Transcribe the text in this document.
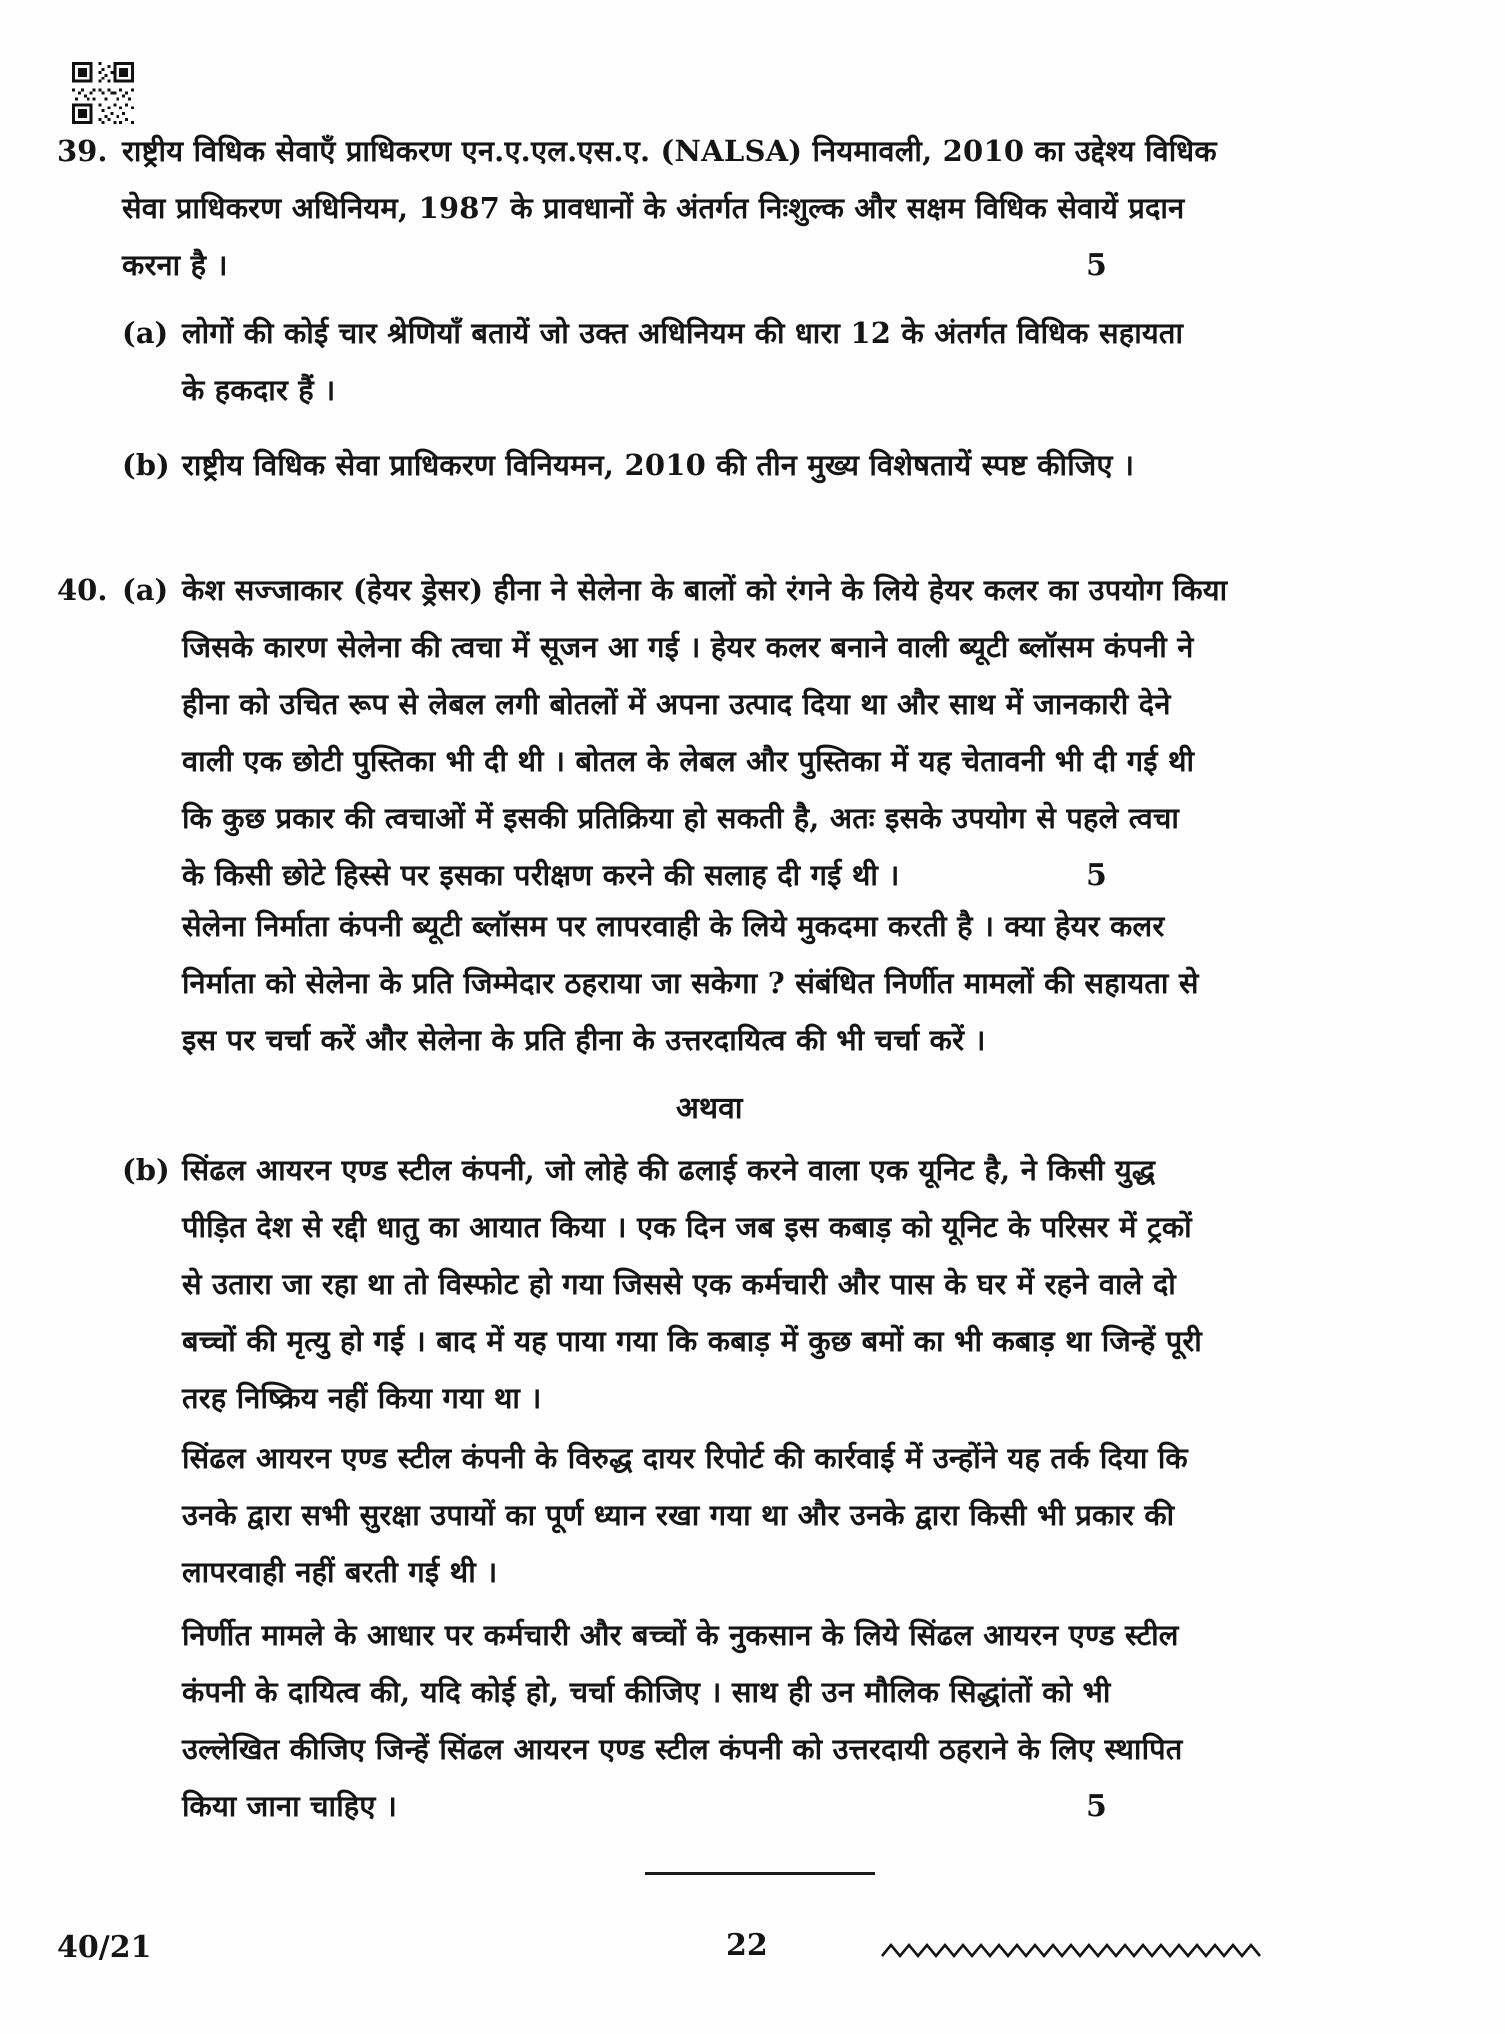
39. राष्ट्रीय विधिक सेवाएँ प्राधिकरण एन.ए.एल.एस.ए. (NALSA) नियमावली, 2010 का उद्देश्य विधिक
सेवा प्राधिकरण अधिनियम, 1987 के प्रावधानों के अंतर्गत निःशुल्क और सक्षम विधिक सेवायें प्रदान
करना है ।	5
(a) लोगों की कोई चार श्रेणियाँ बतायें जो उक्त अधिनियम की धारा 12 के अंतर्गत विधिक सहायता
के हकदार हैं ।
(b) राष्ट्रीय विधिक सेवा प्राधिकरण विनियमन, 2010 की तीन मुख्य विशेषतायें स्पष्ट कीजिए ।
40. (a) केश सज्जाकार (हेयर ड्रेसर) हीना ने सेलेना के बालों को रंगने के लिये हेयर कलर का उपयोग किया
जिसके कारण सेलेना की त्वचा में सूजन आ गई । हेयर कलर बनाने वाली ब्यूटी ब्लॉसम कंपनी ने
हीना को उचित रूप से लेबल लगी बोतलों में अपना उत्पाद दिया था और साथ में जानकारी देने
वाली एक छोटी पुस्तिका भी दी थी । बोतल के लेबल और पुस्तिका में यह चेतावनी भी दी गई थी
कि कुछ प्रकार की त्वचाओं में इसकी प्रतिक्रिया हो सकती है, अतः इसके उपयोग से पहले त्वचा
के किसी छोटे हिस्से पर इसका परीक्षण करने की सलाह दी गई थी ।	5
सेलेना निर्माता कंपनी ब्यूटी ब्लॉसम पर लापरवाही के लिये मुकदमा करती है । क्या हेयर कलर
निर्माता को सेलेना के प्रति जिम्मेदार ठहराया जा सकेगा ? संबंधित निर्णीत मामलों की सहायता से
इस पर चर्चा करें और सेलेना के प्रति हीना के उत्तरदायित्व की भी चर्चा करें ।
अथवा
(b) सिंढल आयरन एण्ड स्टील कंपनी, जो लोहे की ढलाई करने वाला एक यूनिट है, ने किसी युद्ध
पीड़ित देश से रद्दी धातु का आयात किया । एक दिन जब इस कबाड़ को यूनिट के परिसर में ट्रकों
से उतारा जा रहा था तो विस्फोट हो गया जिससे एक कर्मचारी और पास के घर में रहने वाले दो
बच्चों की मृत्यु हो गई । बाद में यह पाया गया कि कबाड़ में कुछ बमों का भी कबाड़ था जिन्हें पूरी
तरह निष्क्रिय नहीं किया गया था ।
सिंढल आयरन एण्ड स्टील कंपनी के विरुद्ध दायर रिपोर्ट की कार्रवाई में उन्होंने यह तर्क दिया कि
उनके द्वारा सभी सुरक्षा उपायों का पूर्ण ध्यान रखा गया था और उनके द्वारा किसी भी प्रकार की
लापरवाही नहीं बरती गई थी ।
निर्णीत मामले के आधार पर कर्मचारी और बच्चों के नुकसान के लिये सिंढल आयरन एण्ड स्टील
कंपनी के दायित्व की, यदि कोई हो, चर्चा कीजिए । साथ ही उन मौलिक सिद्धांतों को भी
उल्लेखित कीजिए जिन्हें सिंढल आयरन एण्ड स्टील कंपनी को उत्तरदायी ठहराने के लिए स्थापित
किया जाना चाहिए ।	5
40/21	22
